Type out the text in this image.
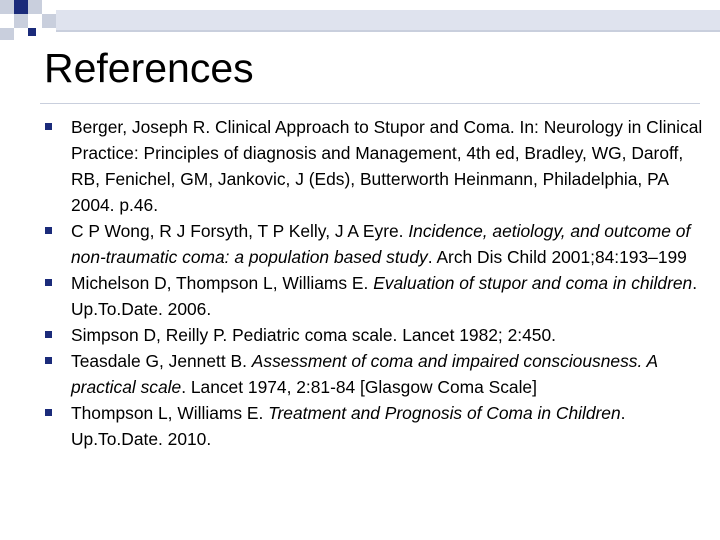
References
Berger, Joseph R. Clinical Approach to Stupor and Coma. In: Neurology in Clinical Practice: Principles of diagnosis and Management, 4th ed, Bradley, WG, Daroff, RB, Fenichel, GM, Jankovic, J (Eds), Butterworth Heinmann, Philadelphia, PA 2004. p.46.
C P Wong, R J Forsyth, T P Kelly, J A Eyre. Incidence, aetiology, and outcome of non-traumatic coma: a population based study. Arch Dis Child 2001;84:193–199
Michelson D, Thompson L, Williams E. Evaluation of stupor and coma in children. Up.To.Date. 2006.
Simpson D, Reilly P. Pediatric coma scale. Lancet 1982; 2:450.
Teasdale G, Jennett B. Assessment of coma and impaired consciousness. A practical scale. Lancet 1974, 2:81-84 [Glasgow Coma Scale]
Thompson L, Williams E. Treatment and Prognosis of Coma in Children. Up.To.Date. 2010.
